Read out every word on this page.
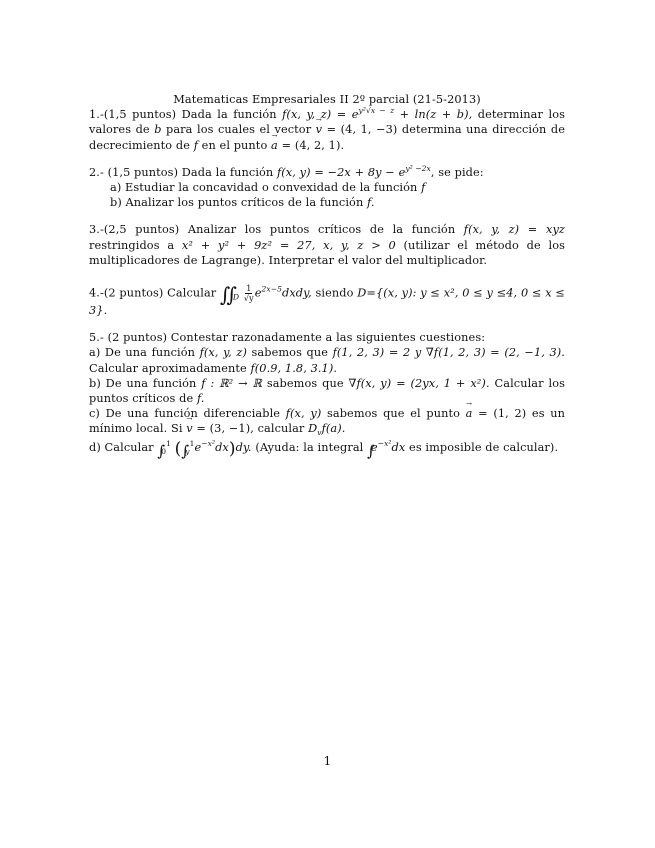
Matematicas Empresariales II 2º parcial (21-5-2013)
1.-(1,5 puntos) Dada la función f(x, y, $z) = e^{y^2√x - z} + \ln(z + b)$, determinar los valores de b para los cuales el vector → v = (4, 1, −3) determina una dirección de decrecimiento de f en el punto → a = (4, 2, 1).
2.- (1,5 puntos) Dada la función f(x, $y) = -2x + 8y - e^{y^2 -2x}$, se pide:
a) Estudiar la concavidad o convexidad de la función f
b) Analizar los puntos críticos de la función f.
3.-(2,5 puntos) Analizar los puntos críticos de la función f(x, y, z) = xyz restringidos a x² + y² + 9z² = 27, x, y, z > 0 (utilizar el método de los multiplicadores de Lagrange). Interpretar el valor del multiplicador.
4.-(2 puntos) Calcular $∬_D \frac{1}{√y}$ $e^{2x-5}dxdy$, siendo D={(x, y): y ≤ x², 0 ≤ y ≤4, 0 ≤ x ≤ 3}.
5.- (2 puntos) Contestar razonadamente a las siguientes cuestiones:
a) De una función f(x, y, z) sabemos que f(1, 2, 3) = 2 y ∇f(1, 2, 3) = (2, −1, 3). Calcular aproximadamente f(0.9, 1.8, 3.1).
b) De una función f : ℝ² → ℝ sabemos que ∇f(x, y) = (2yx, 1 + x²). Calcular los puntos críticos de f.
c) De una función diferenciable f(x, y) sabemos que el punto → a = (1, 2) es un mínimo local. Si → v = (3, −1), calcular $D_vf(a)$.
d) Calcular $\int_0^1$ $(\int_y^1e^{-x^2}dx)dy$. (Ayuda: la integral $\int e^{-x^2}dx$ es imposible de calcular).
1
